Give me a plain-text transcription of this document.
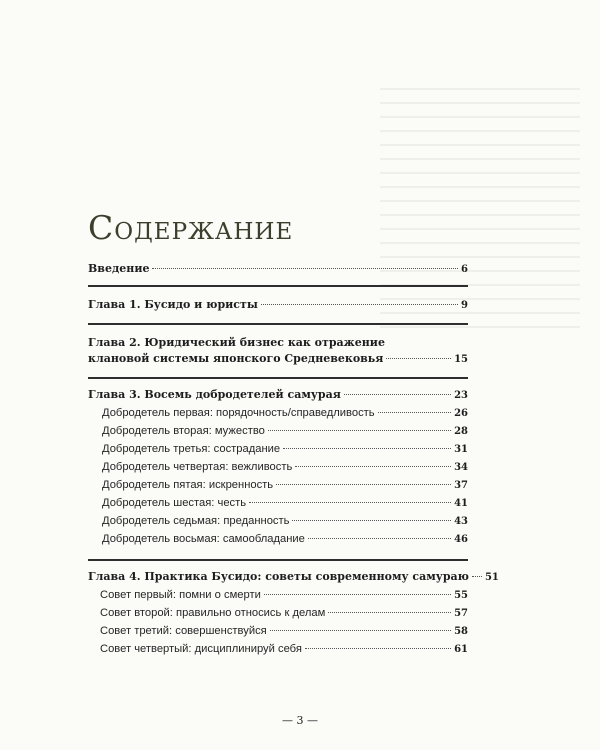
Содержание
Введение	6
Глава 1. Бусидо и юристы	9
Глава 2. Юридический бизнес как отражение
клановой системы японского Средневековья	15
Глава 3. Восемь добродетелей самурая	23
Добродетель первая: порядочность/справедливость	26
Добродетель вторая: мужество	28
Добродетель третья: сострадание	31
Добродетель четвертая: вежливость	34
Добродетель пятая: искренность	37
Добродетель шестая: честь	41
Добродетель седьмая: преданность	43
Добродетель восьмая: самообладание	46
Глава 4. Практика Бусидо: советы современному самураю 51
Совет первый: помни о смерти	55
Совет второй: правильно относись к делам	57
Совет третий: совершенствуйся	58
Совет четвертый: дисциплинируй себя	61
— 3 —
